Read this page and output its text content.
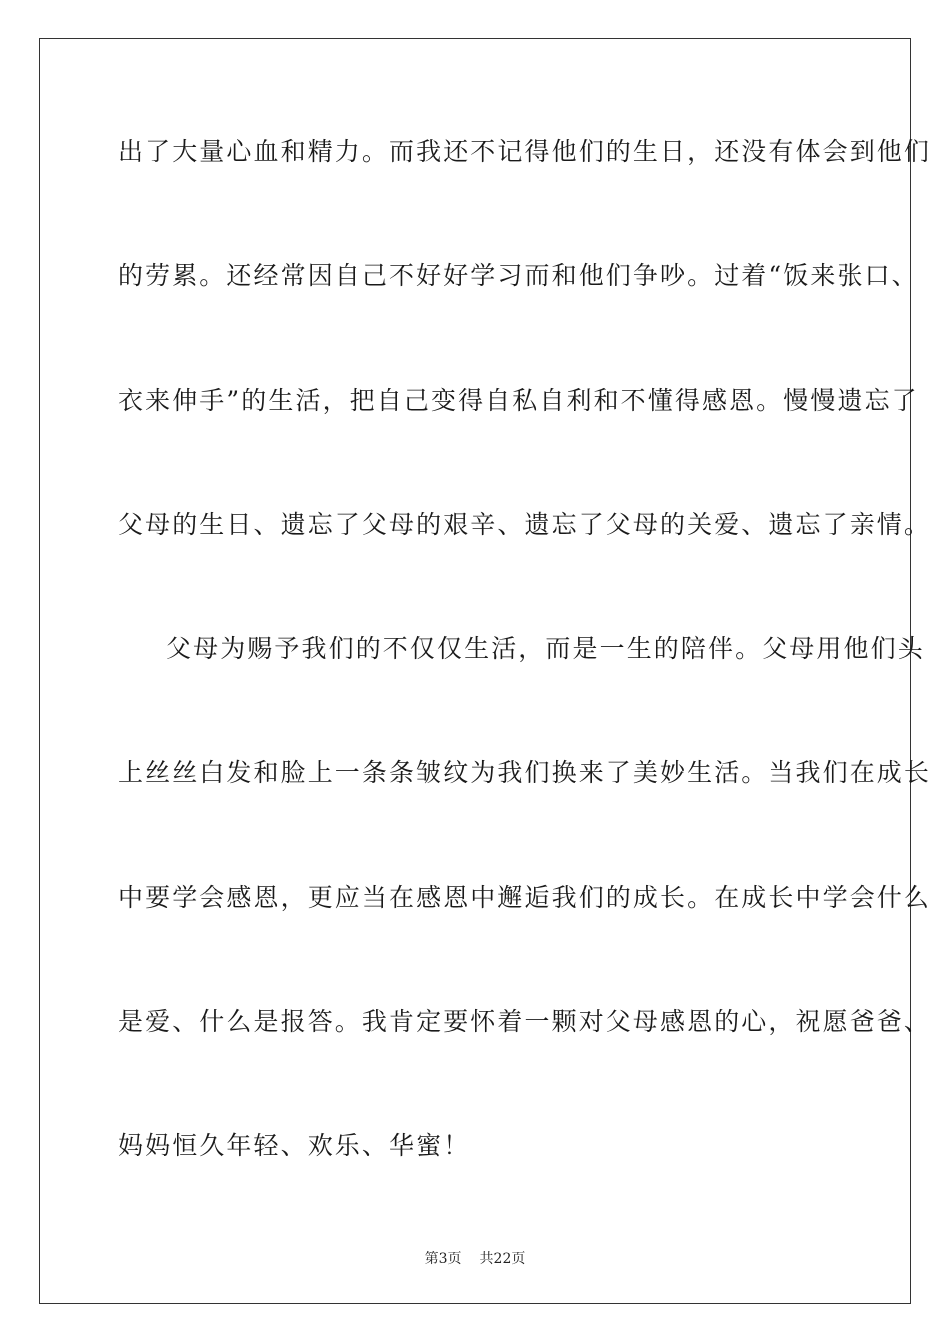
出了大量心血和精力。而我还不记得他们的生日，还没有体会到他们
的劳累。还经常因自己不好好学习而和他们争吵。过着“饭来张口、
衣来伸手”的生活，把自己变得自私自利和不懂得感恩。慢慢遗忘了
父母的生日、遗忘了父母的艰辛、遗忘了父母的关爱、遗忘了亲情。
父母为赐予我们的不仅仅生活，而是一生的陪伴。父母用他们头
上丝丝白发和脸上一条条皱纹为我们换来了美妙生活。当我们在成长
中要学会感恩，更应当在感恩中邂逅我们的成长。在成长中学会什么
是爱、什么是报答。我肯定要怀着一颗对父母感恩的心，祝愿爸爸、
妈妈恒久年轻、欢乐、华蜜！
第3页 共22页
